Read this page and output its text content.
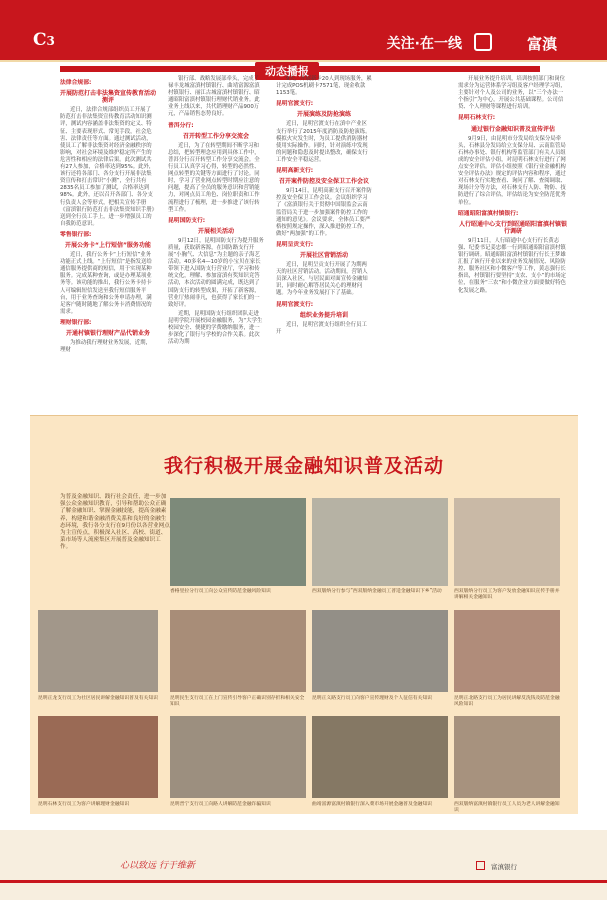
C3	关注·在一线	富滇
动态播报

法律合规部:

开展防范打击非法集资宣传教育活动测评

近日，法律合规部组织员工开展了防范打击非法集资宣传教育活动知识测评，测试内容涵盖非法集资的定义、特征、主要表现形式、常见手段，社会危害、法律责任等方面。通过测试活动，使员工了解非法集资对经济金融秩序的影响，对社会环境及维护稳定所产生的危害性和相应的法律后果。此次测试共有27人参加，合格率达到95%。此外，该行还将各部门、各分支行开展非法集资宣传和打击常识“小测”，全行共有2835名员工参加了测试，合格率达到98%。此外，还以召开各部门、各分支行负责人会等形式，把相关宣传手册《富滇银行防范打击非法集资知识手册》送到全行员工手上，进一步增强员工的自我防范意识。

零售银行部:

开展公务卡“上行短信”服务功能

近日，我行公务卡“上行短信”业务功能正式上线。“上行短信”是指发送给通信服务提供商的短信，用于实现某种服务。完成某种查询，或是办理某项业务等。该功能的推出，我行公务卡持卡人可编辑短信发送至我行短信服务平台，用于业务查询和公务申请办理，满足客户随时随地了解公务卡消费情况的需求。

理财银行部:

开通村镇银行理财产品代销业务

为推动我行理财业务发展，近期，理财

银行部、战略发展部牵头，完成了禄丰龙城富滇村镇银行、曲靖富源富滇村镇银行、丽江古城富滇村镇银行、昭通昭阳富滇村镇银行理财代销业务。此业务上线以来，共代销理财产品900万元，产品销售态势良好。

普洱分行:

召开转型工作分享交流会

近日，为了在转型期间不断学习和总结，把转型理念应用到具体工作中，普洱分行召开转型工作分享交流会。全行员工认真学习心得，转型的必然性、网点转型的关键等方面进行了讨论。同时，学习了营业网点转型时期应注意的问题，提高了全员的服务意识和营销能力，对网点员工角色、岗位职责和工作流程进行了梳理，进一步推进了该行转型工作。

昆明国防支行:

开展相关活动

9月12日，昆明国防支行为提升服务质量，获取新客源，在国防路支行开展“小胸气、大信息”为主题的亲子海艺活动。40多名4—10岁的小宝贝在家长带领下进入国防支行营业厅，学习和传统文化，理解、参加富滇有奖知识竞答活动，本次活动的圆满完成，既达到了国防支行的转型成果，开拓了新客源，营业厅热闹非凡，也获得了家长们的一致好评。

近期，昆明国防支行组织团队走进昆明学院开展校园金融服务，为“大学生校园安全、便捷的学费缴纳服务，进一步深化了银行与学校的合作关系。此次活动为期

9天，开展新卡20人到现场服务，累计完成POS机刷卡7571笔，现金收款1153笔。

昆明官渡支行:

开展演练及防抢演练

近日，昆明官渡支行在滇中产业区支行举行了2015年度消防及防抢演练。模拟火灾发生时，为员工提供消防器材使用实际操作。同时，针对演练中发现的问题和隐患及时提出整改，确保支行工作安全平稳运营。

昆明高新支行:

召开案件防控及安全保卫工作会议

9月14日，昆明高新支行召开案件防控及安全保卫工作会议。会议组织学习了《富滇银行关于贯彻中国银监会云南监管局关于进一步加强案件防控工作的通知的意见》。会议要求，全体员工要严格按照规定操作，深入推进防控工作，做好“两加强”的工作。

昆明呈贡支行:

开展社区营销活动

近日，昆明呈贡支行开展了为期两天的社区营销活动。活动期间，营销人员深入社区，与居民面对面宣传金融知识，同时耐心解答居民关心的理财问题。为今年业务发展打下了基础。

昆明官渡支行:

组织业务提升培训

近日，昆明官渡支行组织全行员工开

开展业务提升培训，培训按照部门和岗位需求分为运营体系学习组及客户经理学习组，主要针对个人及公司的业务，以“三个办法一个指引”为中心，开展公共基础课程。公司信贷、个人理财等课程进行培训。

昆明石林支行:

通过银行金融知识普及宣传评估

9月9日，由昆明市分发局给支保分局牵头，石林县分发局给立支保分局、云南监管局石林办事处、银行机构等监管部门有关人员组成的安全评估小组，对昆明石林支行进行了网点安全评估。评估小组按照《银行业金融机构安全评估办法》规定的评估内容和程序，通过对石林支行实地查看、询问了解、查阅调取、现场计分等方法，对石林支行人防、物防、技防进行了综合评估，评估结论为安全防范优秀单位。

昭通昭阳富滇村镇银行:

人行昭通中心支行到昭通昭阳富滇村镇银行调研

9月11日，人行昭通中心支行行长黄志强、纪委书记姜忠都一行到昭通昭阳富滇村镇银行调研。昭通昭阳富滇村镇银行行长王梦雄汇报了该行开业以来的业务发展情况、风险防控、服务社区和小微客户等工作，黄志强行长指出，村镇银行要坚持“支农、支小”的市场定位，在服务“三农”和小微企业方面要做好特色化发展之路。

我行积极开展金融知识普及活动
为普及金融知识、践行社会责任，进一步加强公众金融知识教育，引导和帮助公众正确了解金融知识、掌握金融技能，提高金融素养，构建和谐金融消费关系和良好的金融生态环境，我行各分支行在9月份以各营业网点为主宣传点，积极深入社区、高校、街道、菜市场等人流密集区开展普及金融知识工作。
香格里拉分行员工向公众宣传防范金融风险知识	西双版纳分行参与“西双版纳金融员工普适金融知识下乡”活动	西双版纳分行员工为客户发放金融知识宣传手册并讲解相关金融知识
昆明正龙支行员工为社区居民讲解金融知识普及有关知识	昆明民生支行员工在上门宣传引导客户正确识别存折和相关安全知识
昆明正义路支行员工向客户宣传理财及个人征信有关知识	昆明正北路支行员工为居民讲解反洗钱及防范金融风险知识
昆明石林支行员工为客户讲解理财金融知识	昆明晋宁支行员工向路人讲解防范金融诈骗知识	曲靖富源富滇村镇银行深入菜市场开展金融普及金融知识	西双版纳富滇村镇银行员工人员为老人讲解金融知识
心以致远 行于维新	富滇银行
